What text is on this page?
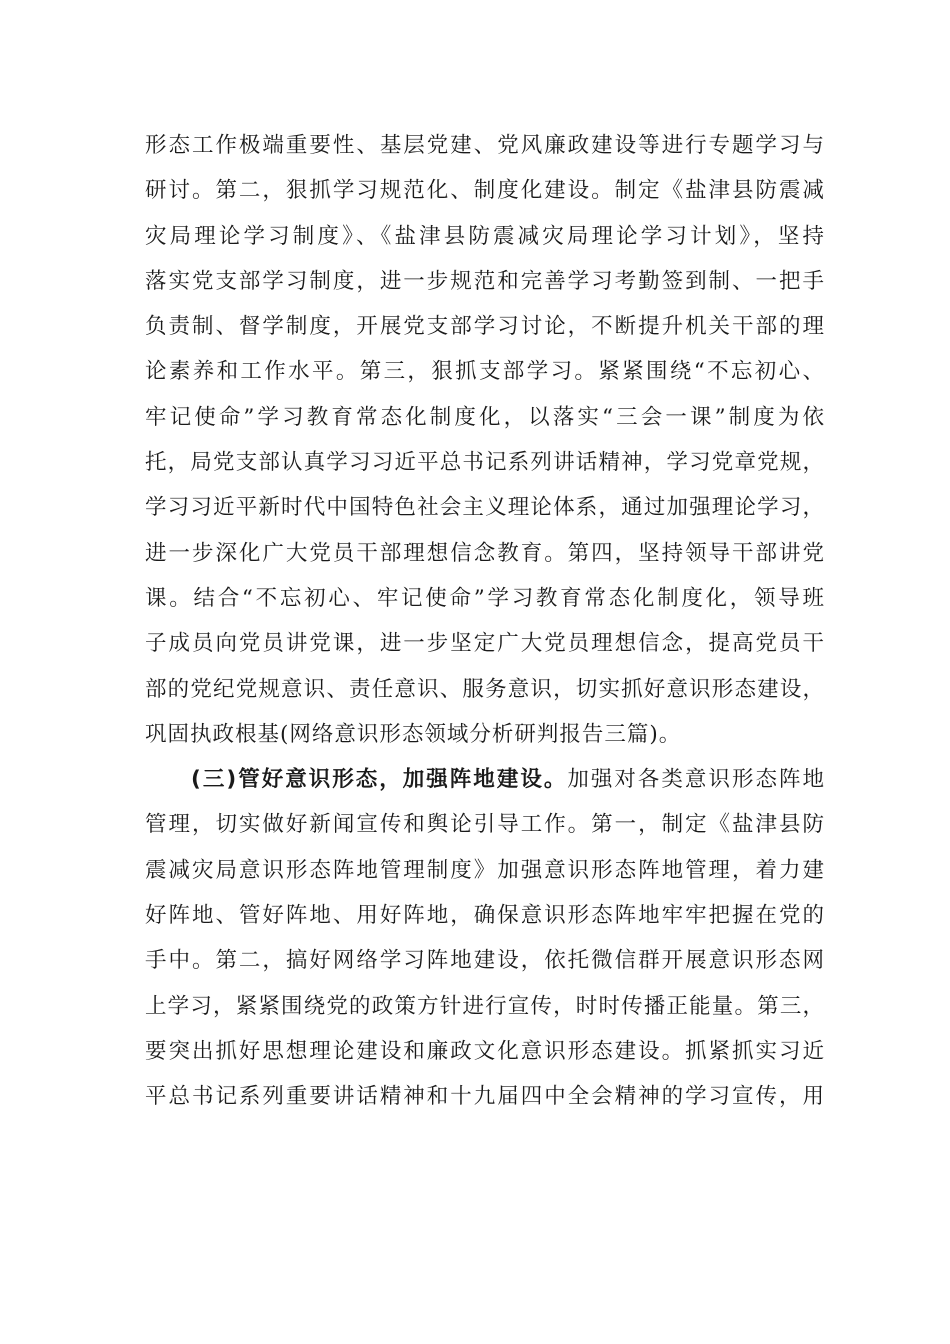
形态工作极端重要性、基层党建、党风廉政建设等进行专题学习与
研讨。第二，狠抓学习规范化、制度化建设。制定《盐津县防震减
灾局理论学习制度》、《盐津县防震减灾局理论学习计划》，坚持
落实党支部学习制度，进一步规范和完善学习考勤签到制、一把手
负责制、督学制度，开展党支部学习讨论，不断提升机关干部的理
论素养和工作水平。第三，狠抓支部学习。紧紧围绕“不忘初心、
牢记使命”学习教育常态化制度化，以落实“三会一课”制度为依
托，局党支部认真学习习近平总书记系列讲话精神，学习党章党规，
学习习近平新时代中国特色社会主义理论体系，通过加强理论学习，
进一步深化广大党员干部理想信念教育。第四，坚持领导干部讲党
课。结合“不忘初心、牢记使命”学习教育常态化制度化，领导班
子成员向党员讲党课，进一步坚定广大党员理想信念，提高党员干
部的党纪党规意识、责任意识、服务意识，切实抓好意识形态建设，
巩固执政根基(网络意识形态领域分析研判报告三篇)。
(三)管好意识形态，加强阵地建设。加强对各类意识形态阵地
管理，切实做好新闻宣传和舆论引导工作。第一，制定《盐津县防
震减灾局意识形态阵地管理制度》加强意识形态阵地管理，着力建
好阵地、管好阵地、用好阵地，确保意识形态阵地牢牢把握在党的
手中。第二，搞好网络学习阵地建设，依托微信群开展意识形态网
上学习，紧紧围绕党的政策方针进行宣传，时时传播正能量。第三，
要突出抓好思想理论建设和廉政文化意识形态建设。抓紧抓实习近
平总书记系列重要讲话精神和十九届四中全会精神的学习宣传，用
